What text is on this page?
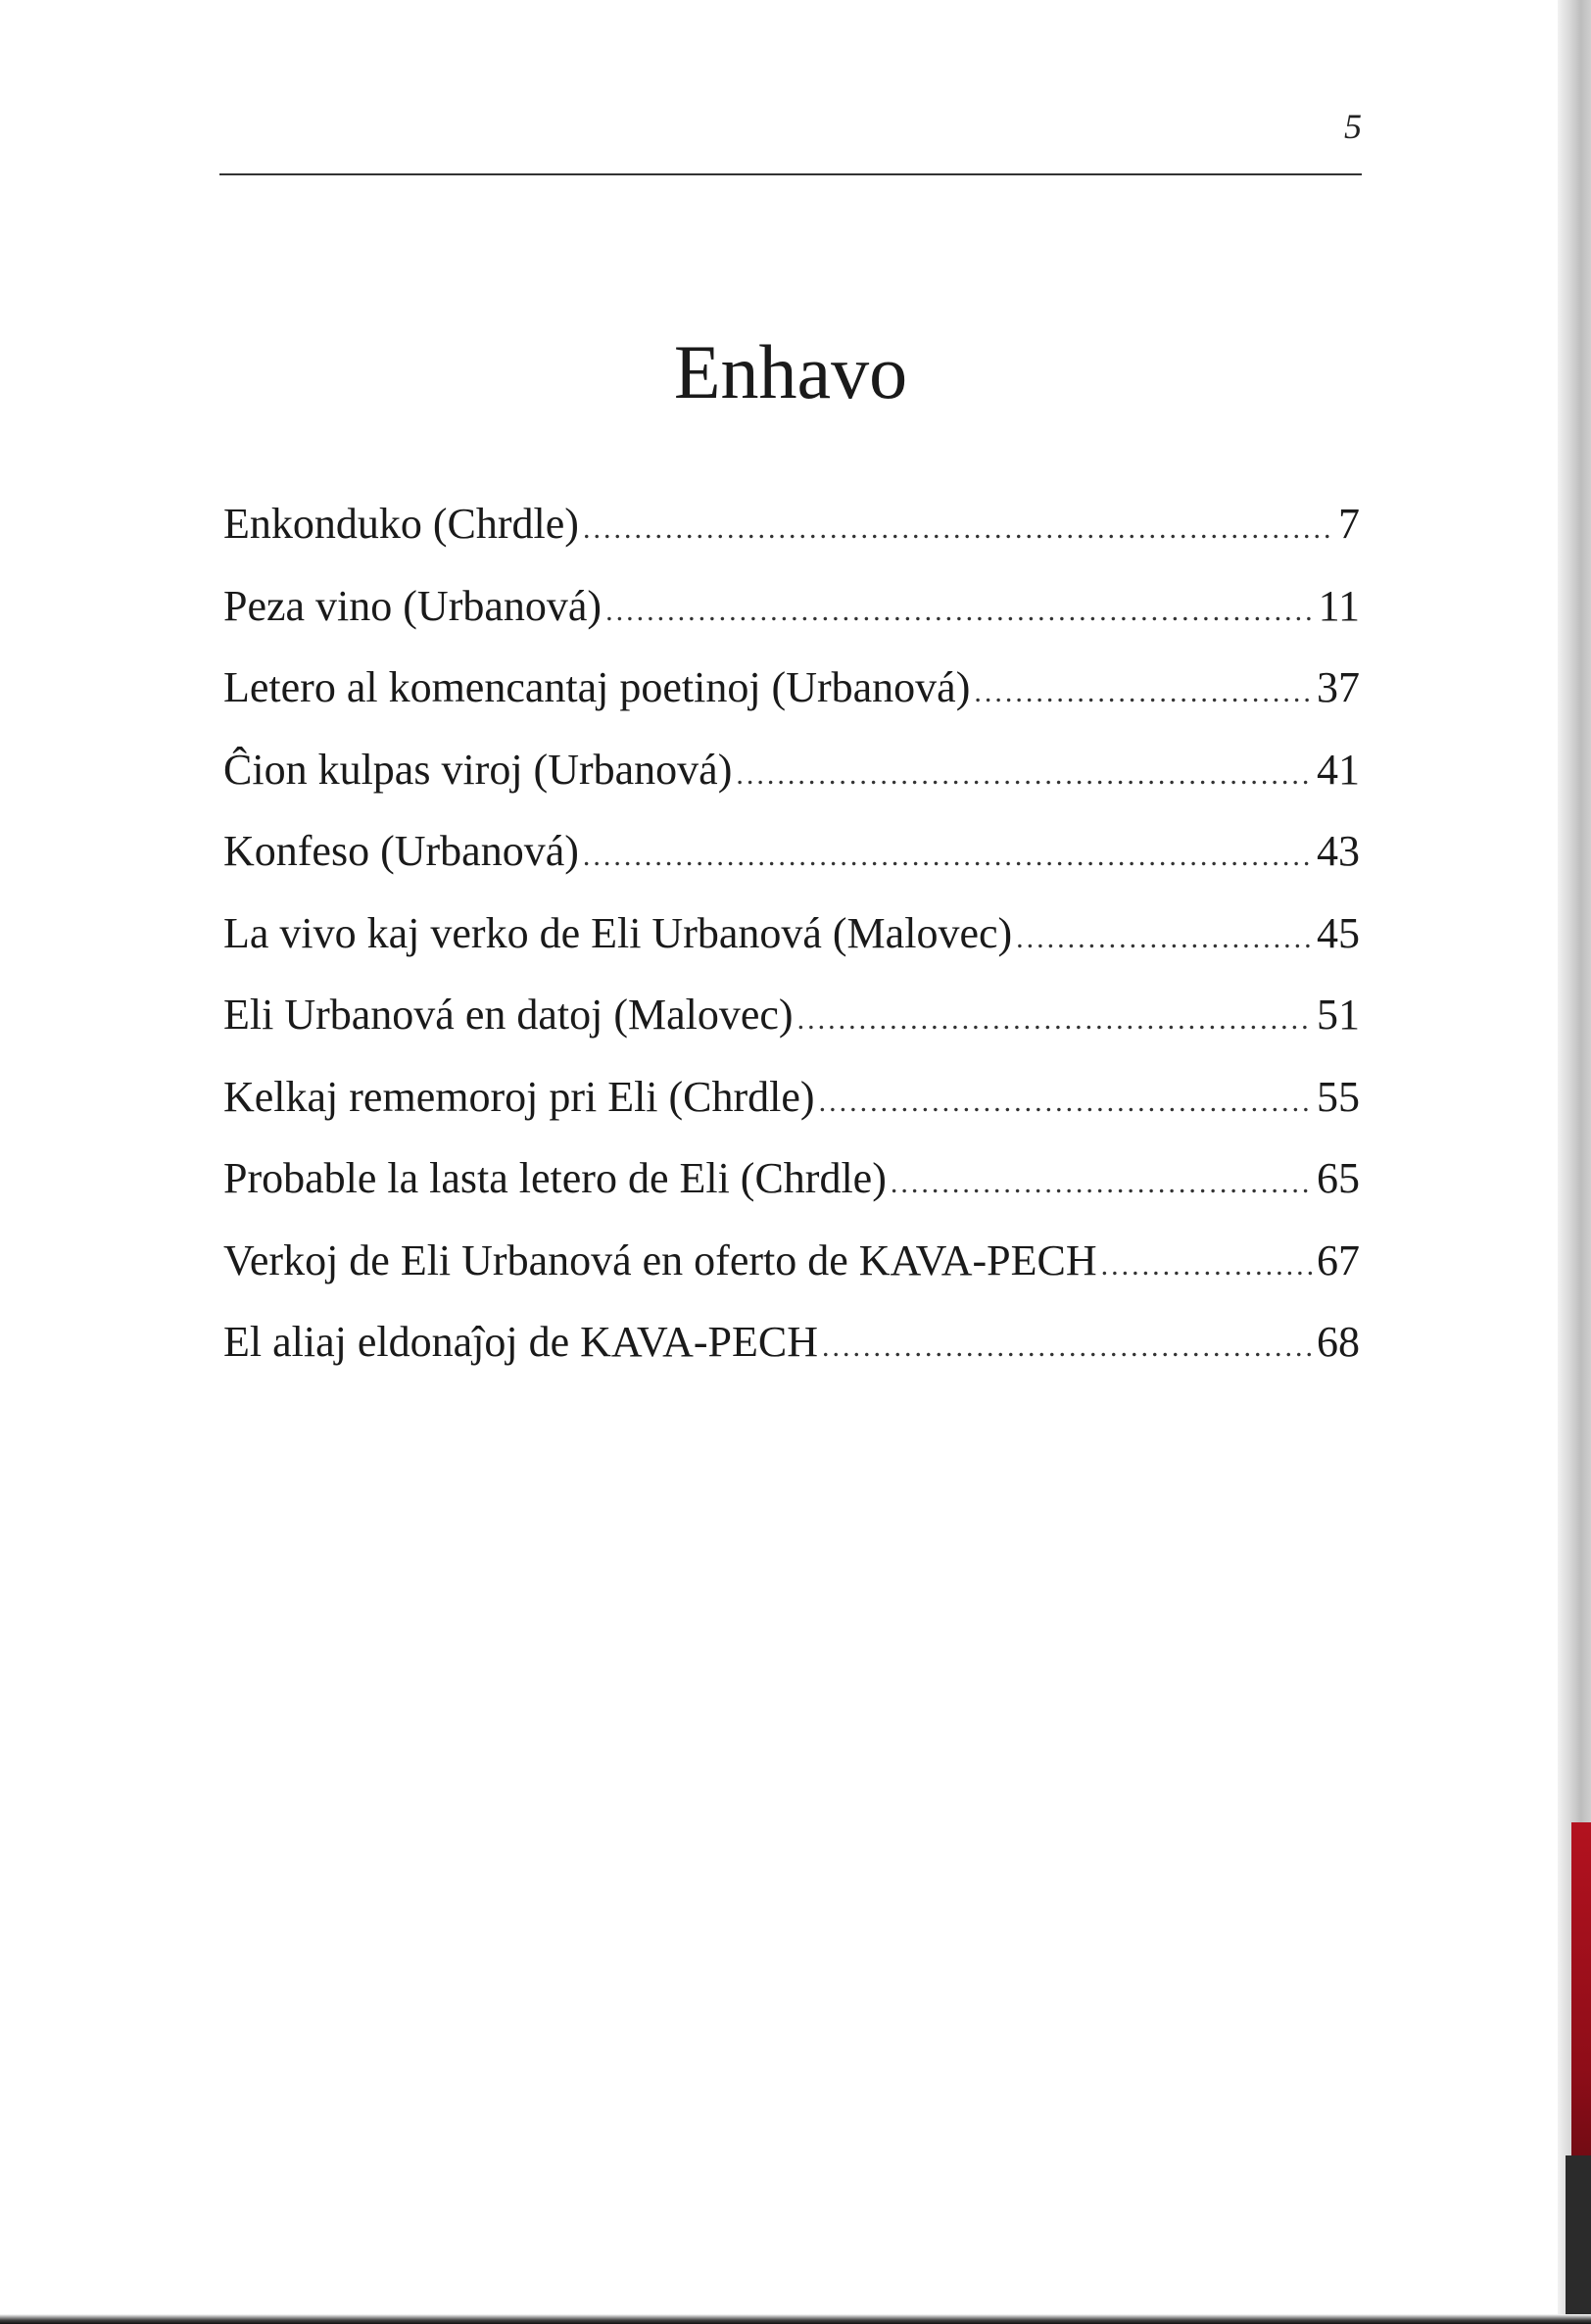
5
Enhavo
Enkonduko (Chrdle) .....	7
Peza vino (Urbanová) .....	11
Letero al komencantaj poetinoj (Urbanová) .....	37
Ĉion kulpas viroj (Urbanová) .....	41
Konfeso (Urbanová) .....	43
La vivo kaj verko de Eli Urbanová (Malovec) .....	45
Eli Urbanová en datoj (Malovec) .....	51
Kelkaj rememoroj pri Eli (Chrdle) .....	55
Probable la lasta letero de Eli (Chrdle) .....	65
Verkoj de Eli Urbanová en oferto de KAVA-PECH .....	67
El aliaj eldonaĵoj de KAVA-PECH .....	68
